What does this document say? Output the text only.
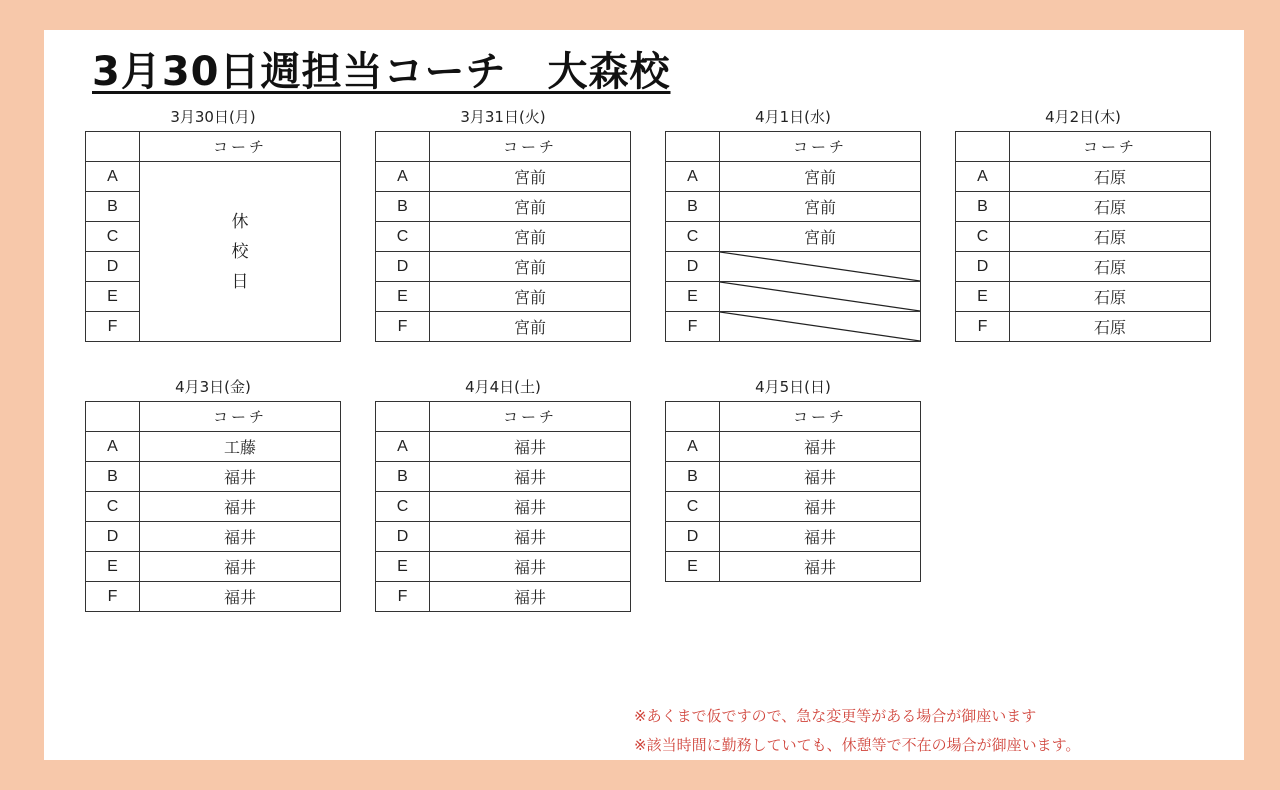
3月30日週担当コーチ　大森校
3月30日(月)
	コーチ
A	休校日
B	
C	
D	
E	
F	
3月31日(火)
	コーチ
A	宮前
B	宮前
C	宮前
D	宮前
E	宮前
F	宮前
4月1日(水)
	コーチ
A	宮前
B	宮前
C	宮前
D	

E	

F	
4月2日(木)
	コーチ
A	石原
B	石原
C	石原
D	石原
E	石原
F	石原
4月3日(金)
	コーチ
A	工藤
B	福井
C	福井
D	福井
E	福井
F	福井
4月4日(土)
	コーチ
A	福井
B	福井
C	福井
D	福井
E	福井
F	福井
4月5日(日)
	コーチ
A	福井
B	福井
C	福井
D	福井
E	福井
※あくまで仮ですので、急な変更等がある場合が御座います
※該当時間に勤務していても、休憩等で不在の場合が御座います。
